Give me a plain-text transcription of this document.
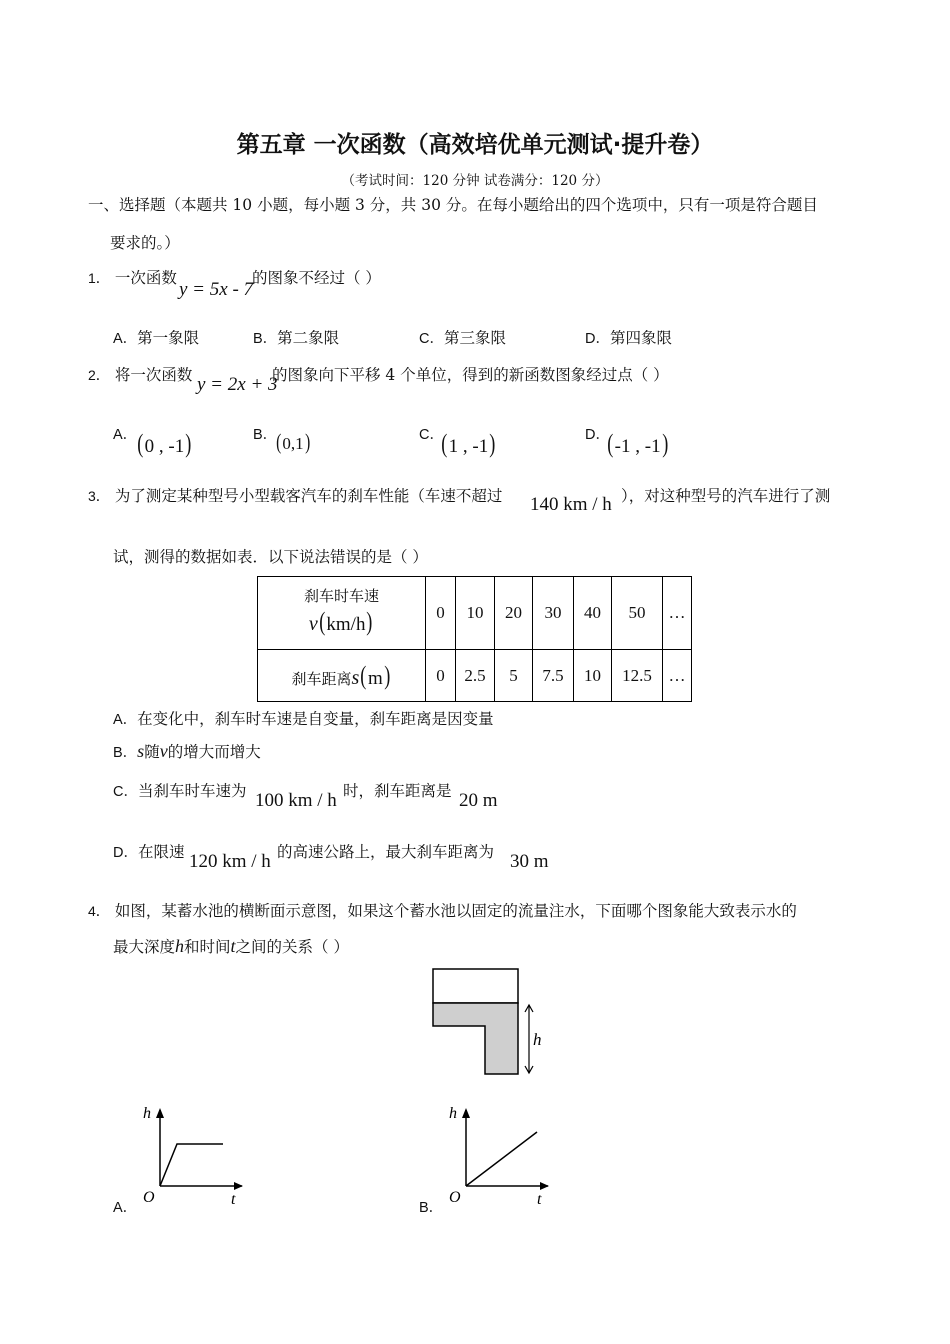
第五章 一次函数（高效培优单元测试·提升卷）
（考试时间：120 分钟 试卷满分：120 分）
一、选择题（本题共 10 小题，每小题 3 分，共 30 分。在每小题给出的四个选项中，只有一项是符合题目
要求的。）
1． 一次函数
y = 5x - 7
的图象不经过（ ）
A．第一象限	B．第二象限	C．第三象限	D．第四象限
2． 将一次函数 y = 2x + 3
的图象向下平移 4 个单位，得到的新函数图象经过点（ ）
A． (0 , -1)	B．
(0,1)	C．
(1 , -1)	D．
(-1 , -1)
3． 为了测定某种型号小型载客汽车的刹车性能（车速不超过 140 km / h ），对这种型号的汽车进行了测
试，测得的数据如表．以下说法错误的是（ ）
刹车时车速
v(km/h)	0	10	20	30	40	50	…
刹车距离s(m)	0	2.5	5	7.5	10	12.5	…
A．在变化中，刹车时车速是自变量，刹车距离是因变量
B．s随v的增大而增大
C．当刹车时车速为 100 km / h 时，刹车距离是 20 m
D．在限速 120 km / h 的高速公路上，最大刹车距离为 30 m
4． 如图，某蓄水池的横断面示意图，如果这个蓄水池以固定的流量注水，下面哪个图象能大致表示水的
最大深度h和时间t之间的关系（ ）
h
A．
h
t
O
B．
h
t
O
